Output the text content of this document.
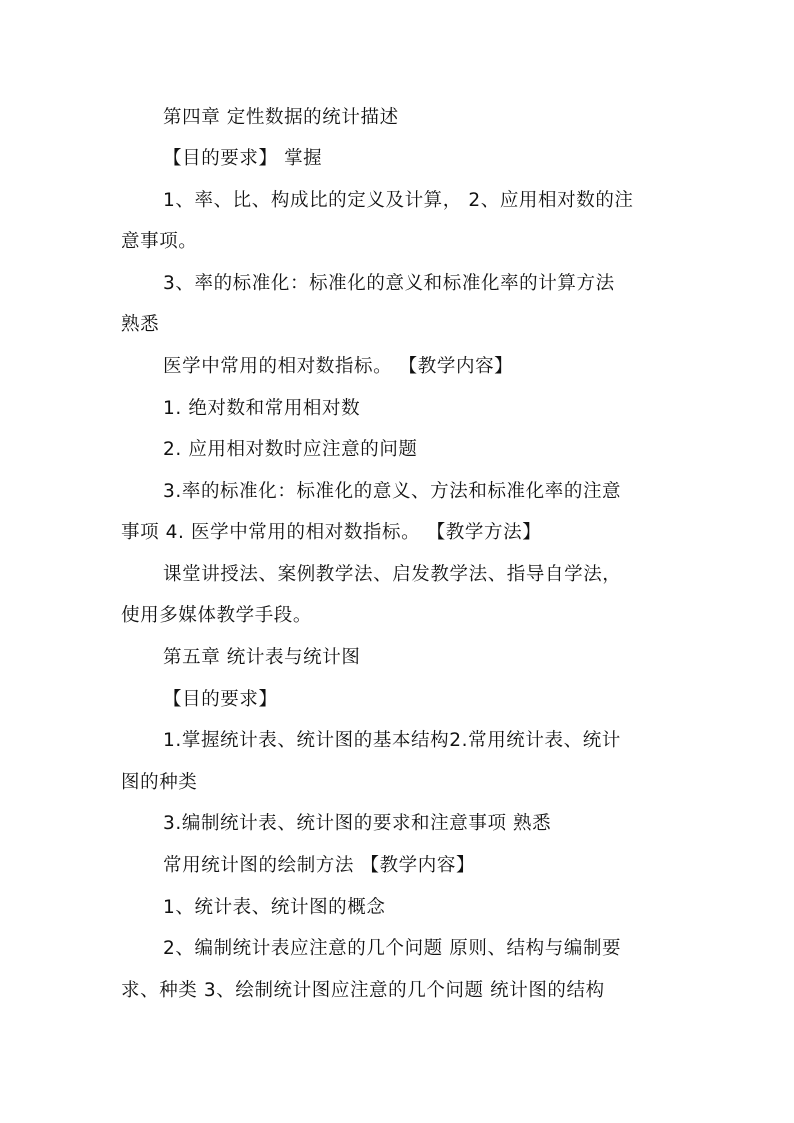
第四章 定性数据的统计描述
【目的要求】 掌握
1、率、比、构成比的定义及计算， 2、应用相对数的注
意事项。
3、率的标准化：标准化的意义和标准化率的计算方法
熟悉
医学中常用的相对数指标。 【教学内容】
1. 绝对数和常用相对数
2. 应用相对数时应注意的问题
3.率的标准化：标准化的意义、方法和标准化率的注意
事项 4. 医学中常用的相对数指标。 【教学方法】
课堂讲授法、案例教学法、启发教学法、指导自学法，
使用多媒体教学手段。
第五章 统计表与统计图
【目的要求】
1.掌握统计表、统计图的基本结构2.常用统计表、统计
图的种类
3.编制统计表、统计图的要求和注意事项 熟悉
常用统计图的绘制方法 【教学内容】
1、统计表、统计图的概念
2、编制统计表应注意的几个问题 原则、结构与编制要
求、种类 3、绘制统计图应注意的几个问题 统计图的结构
